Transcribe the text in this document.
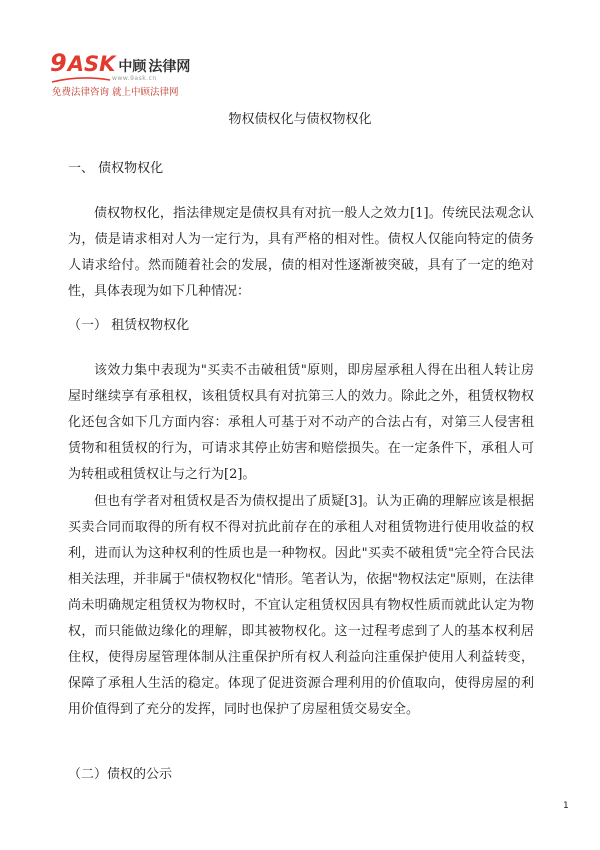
9 ASK 中顾 法律网
www.9ask.cn
免费法律咨询 就上中顾法律网
物权债权化与债权物权化
一、 债权物权化
债权物权化，指法律规定是债权具有对抗一般人之效力[1]。传统民法观念认为，债是请求相对人为一定行为，具有严格的相对性。债权人仅能向特定的债务人请求给付。然而随着社会的发展，债的相对性逐渐被突破，具有了一定的绝对性，具体表现为如下几种情况：
（一） 租赁权物权化
该效力集中表现为"买卖不击破租赁"原则，即房屋承租人得在出租人转让房屋时继续享有承租权，该租赁权具有对抗第三人的效力。除此之外，租赁权物权化还包含如下几方面内容：承租人可基于对不动产的合法占有，对第三人侵害租赁物和租赁权的行为，可请求其停止妨害和赔偿损失。在一定条件下，承租人可为转租或租赁权让与之行为[2]。
但也有学者对租赁权是否为债权提出了质疑[3]。认为正确的理解应该是根据买卖合同而取得的所有权不得对抗此前存在的承租人对租赁物进行使用收益的权利，进而认为这种权利的性质也是一种物权。因此"买卖不破租赁"完全符合民法相关法理，并非属于"债权物权化"情形。笔者认为，依据"物权法定"原则，在法律尚未明确规定租赁权为物权时，不宜认定租赁权因具有物权性质而就此认定为物权，而只能做边缘化的理解，即其被物权化。这一过程考虑到了人的基本权利居住权，使得房屋管理体制从注重保护所有权人利益向注重保护使用人利益转变，保障了承租人生活的稳定。体现了促进资源合理利用的价值取向，使得房屋的利用价值得到了充分的发挥，同时也保护了房屋租赁交易安全。
（二）债权的公示
1
